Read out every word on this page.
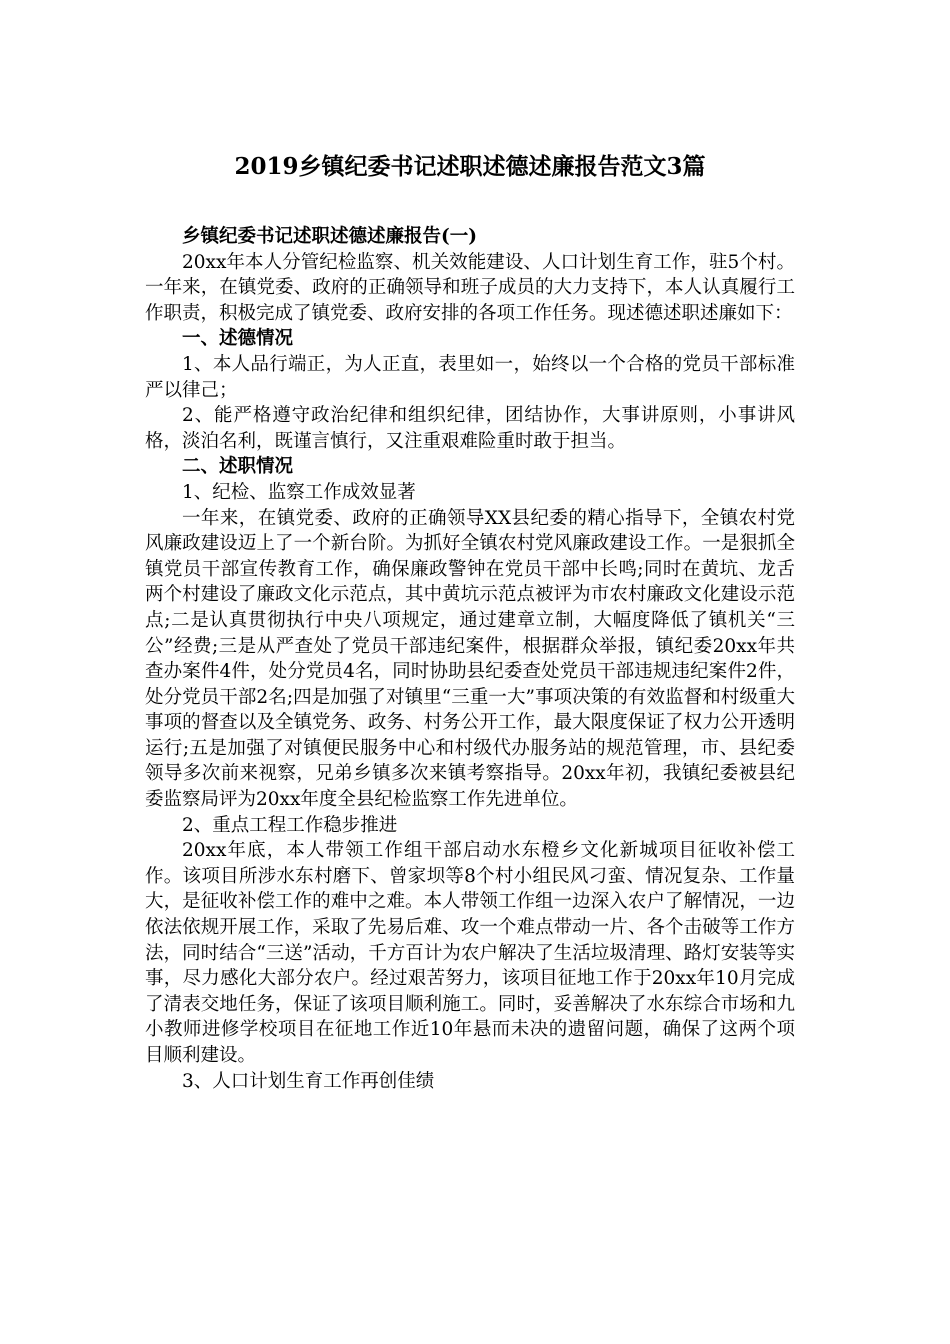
2019乡镇纪委书记述职述德述廉报告范文3篇

乡镇纪委书记述职述德述廉报告(一)

20xx年本人分管纪检监察、机关效能建设、人口计划生育工作，驻5个村。一年来，在镇党委、政府的正确领导和班子成员的大力支持下，本人认真履行工作职责，积极完成了镇党委、政府安排的各项工作任务。现述德述职述廉如下：

一、述德情况

1、本人品行端正，为人正直，表里如一，始终以一个合格的党员干部标准严以律己；

2、能严格遵守政治纪律和组织纪律，团结协作，大事讲原则，小事讲风格，淡泊名利，既谨言慎行，又注重艰难险重时敢于担当。

二、述职情况

1、纪检、监察工作成效显著

一年来，在镇党委、政府的正确领导XX县纪委的精心指导下，全镇农村党风廉政建设迈上了一个新台阶。为抓好全镇农村党风廉政建设工作。一是狠抓全镇党员干部宣传教育工作，确保廉政警钟在党员干部中长鸣;同时在黄坑、龙舌两个村建设了廉政文化示范点，其中黄坑示范点被评为市农村廉政文化建设示范点;二是认真贯彻执行中央八项规定，通过建章立制，大幅度降低了镇机关“三公”经费;三是从严查处了党员干部违纪案件，根据群众举报，镇纪委20xx年共查办案件4件，处分党员4名，同时协助县纪委查处党员干部违规违纪案件2件，处分党员干部2名;四是加强了对镇里“三重一大”事项决策的有效监督和村级重大事项的督查以及全镇党务、政务、村务公开工作，最大限度保证了权力公开透明运行;五是加强了对镇便民服务中心和村级代办服务站的规范管理，市、县纪委领导多次前来视察，兄弟乡镇多次来镇考察指导。20xx年初，我镇纪委被县纪委监察局评为20xx年度全县纪检监察工作先进单位。

2、重点工程工作稳步推进

20xx年底，本人带领工作组干部启动水东橙乡文化新城项目征收补偿工作。该项目所涉水东村磨下、曾家坝等8个村小组民风刁蛮、情况复杂、工作量大，是征收补偿工作的难中之难。本人带领工作组一边深入农户了解情况，一边依法依规开展工作，采取了先易后难、攻一个难点带动一片、各个击破等工作方法，同时结合“三送”活动，千方百计为农户解决了生活垃圾清理、路灯安装等实事，尽力感化大部分农户。经过艰苦努力，该项目征地工作于20xx年10月完成了清表交地任务，保证了该项目顺利施工。同时，妥善解决了水东综合市场和九小教师进修学校项目在征地工作近10年悬而未决的遗留问题，确保了这两个项目顺利建设。

3、人口计划生育工作再创佳绩
